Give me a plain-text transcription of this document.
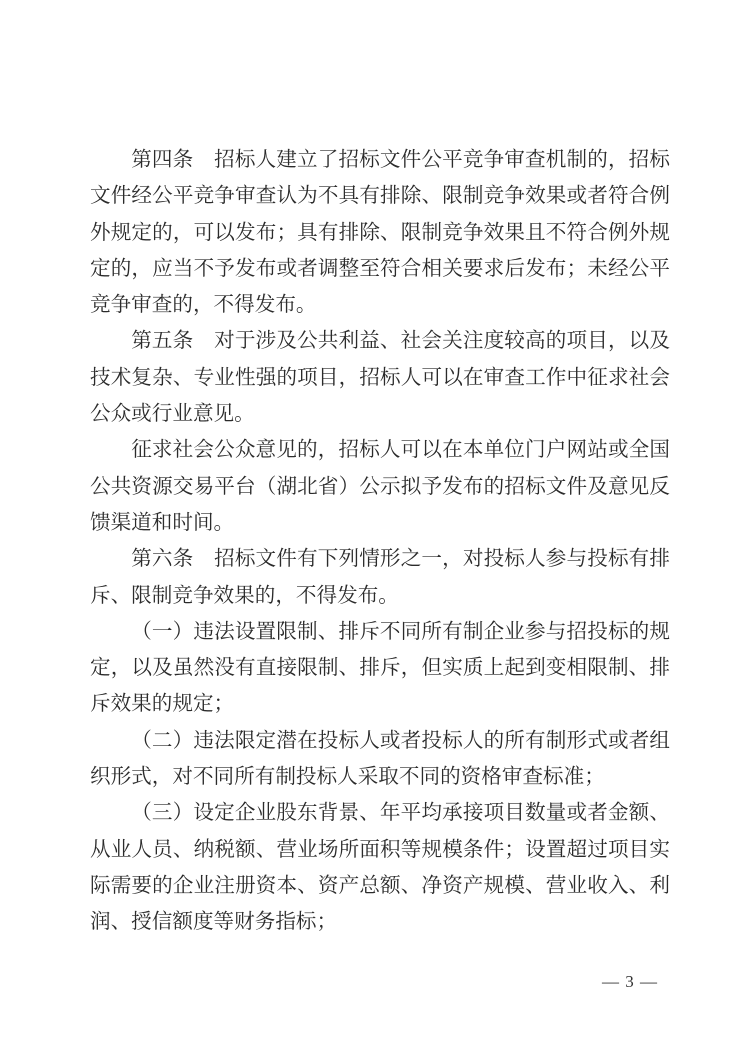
第四条　招标人建立了招标文件公平竞争审查机制的，招标文件经公平竞争审查认为不具有排除、限制竞争效果或者符合例外规定的，可以发布；具有排除、限制竞争效果且不符合例外规定的，应当不予发布或者调整至符合相关要求后发布；未经公平竞争审查的，不得发布。

第五条　对于涉及公共利益、社会关注度较高的项目，以及技术复杂、专业性强的项目，招标人可以在审查工作中征求社会公众或行业意见。

征求社会公众意见的，招标人可以在本单位门户网站或全国公共资源交易平台（湖北省）公示拟予发布的招标文件及意见反馈渠道和时间。

第六条　招标文件有下列情形之一，对投标人参与投标有排斥、限制竞争效果的，不得发布。

（一）违法设置限制、排斥不同所有制企业参与招投标的规定，以及虽然没有直接限制、排斥，但实质上起到变相限制、排斥效果的规定；

（二）违法限定潜在投标人或者投标人的所有制形式或者组织形式，对不同所有制投标人采取不同的资格审查标准；

（三）设定企业股东背景、年平均承接项目数量或者金额、从业人员、纳税额、营业场所面积等规模条件；设置超过项目实际需要的企业注册资本、资产总额、净资产规模、营业收入、利润、授信额度等财务指标；

— 3 —
